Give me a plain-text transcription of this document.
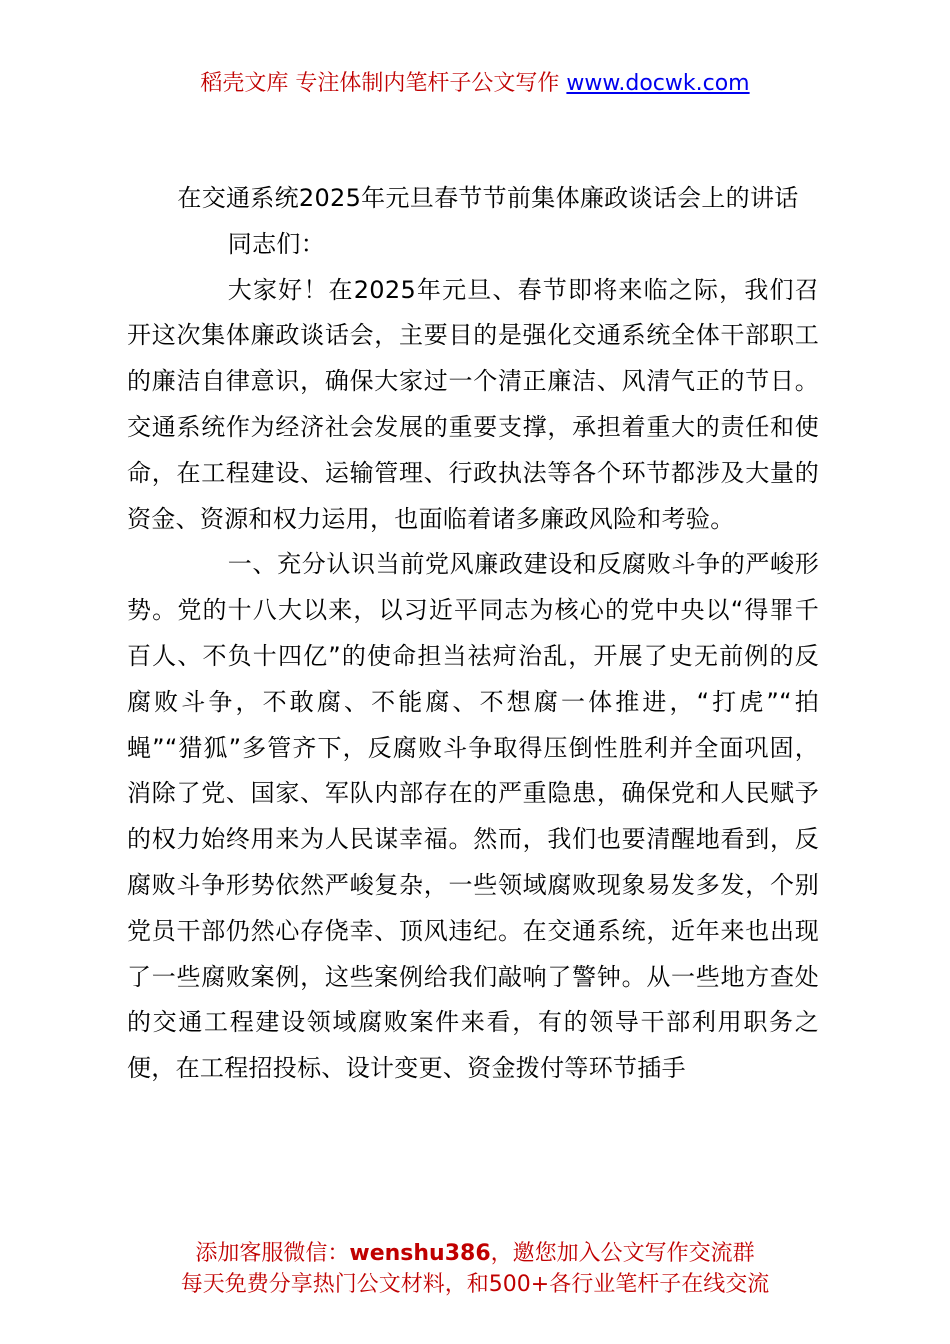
稻壳文库 专注体制内笔杆子公文写作 www.docwk.com

在交通系统2025年元旦春节节前集体廉政谈话会上的讲话

同志们：

大家好！在2025年元旦、春节即将来临之际，我们召开这次集体廉政谈话会，主要目的是强化交通系统全体干部职工的廉洁自律意识，确保大家过一个清正廉洁、风清气正的节日。交通系统作为经济社会发展的重要支撑，承担着重大的责任和使命，在工程建设、运输管理、行政执法等各个环节都涉及大量的资金、资源和权力运用，也面临着诸多廉政风险和考验。

一、充分认识当前党风廉政建设和反腐败斗争的严峻形势。党的十八大以来，以习近平同志为核心的党中央以“得罪千百人、不负十四亿”的使命担当祛疴治乱，开展了史无前例的反腐败斗争，不敢腐、不能腐、不想腐一体推进，“打虎”“拍蝇”“猎狐”多管齐下，反腐败斗争取得压倒性胜利并全面巩固，消除了党、国家、军队内部存在的严重隐患，确保党和人民赋予的权力始终用来为人民谋幸福。然而，我们也要清醒地看到，反腐败斗争形势依然严峻复杂，一些领域腐败现象易发多发，个别党员干部仍然心存侥幸、顶风违纪。在交通系统，近年来也出现了一些腐败案例，这些案例给我们敲响了警钟。从一些地方查处的交通工程建设领域腐败案件来看，有的领导干部利用职务之便，在工程招投标、设计变更、资金拨付等环节插手

添加客服微信：wenshu386，邀您加入公文写作交流群
每天免费分享热门公文材料，和500+各行业笔杆子在线交流
